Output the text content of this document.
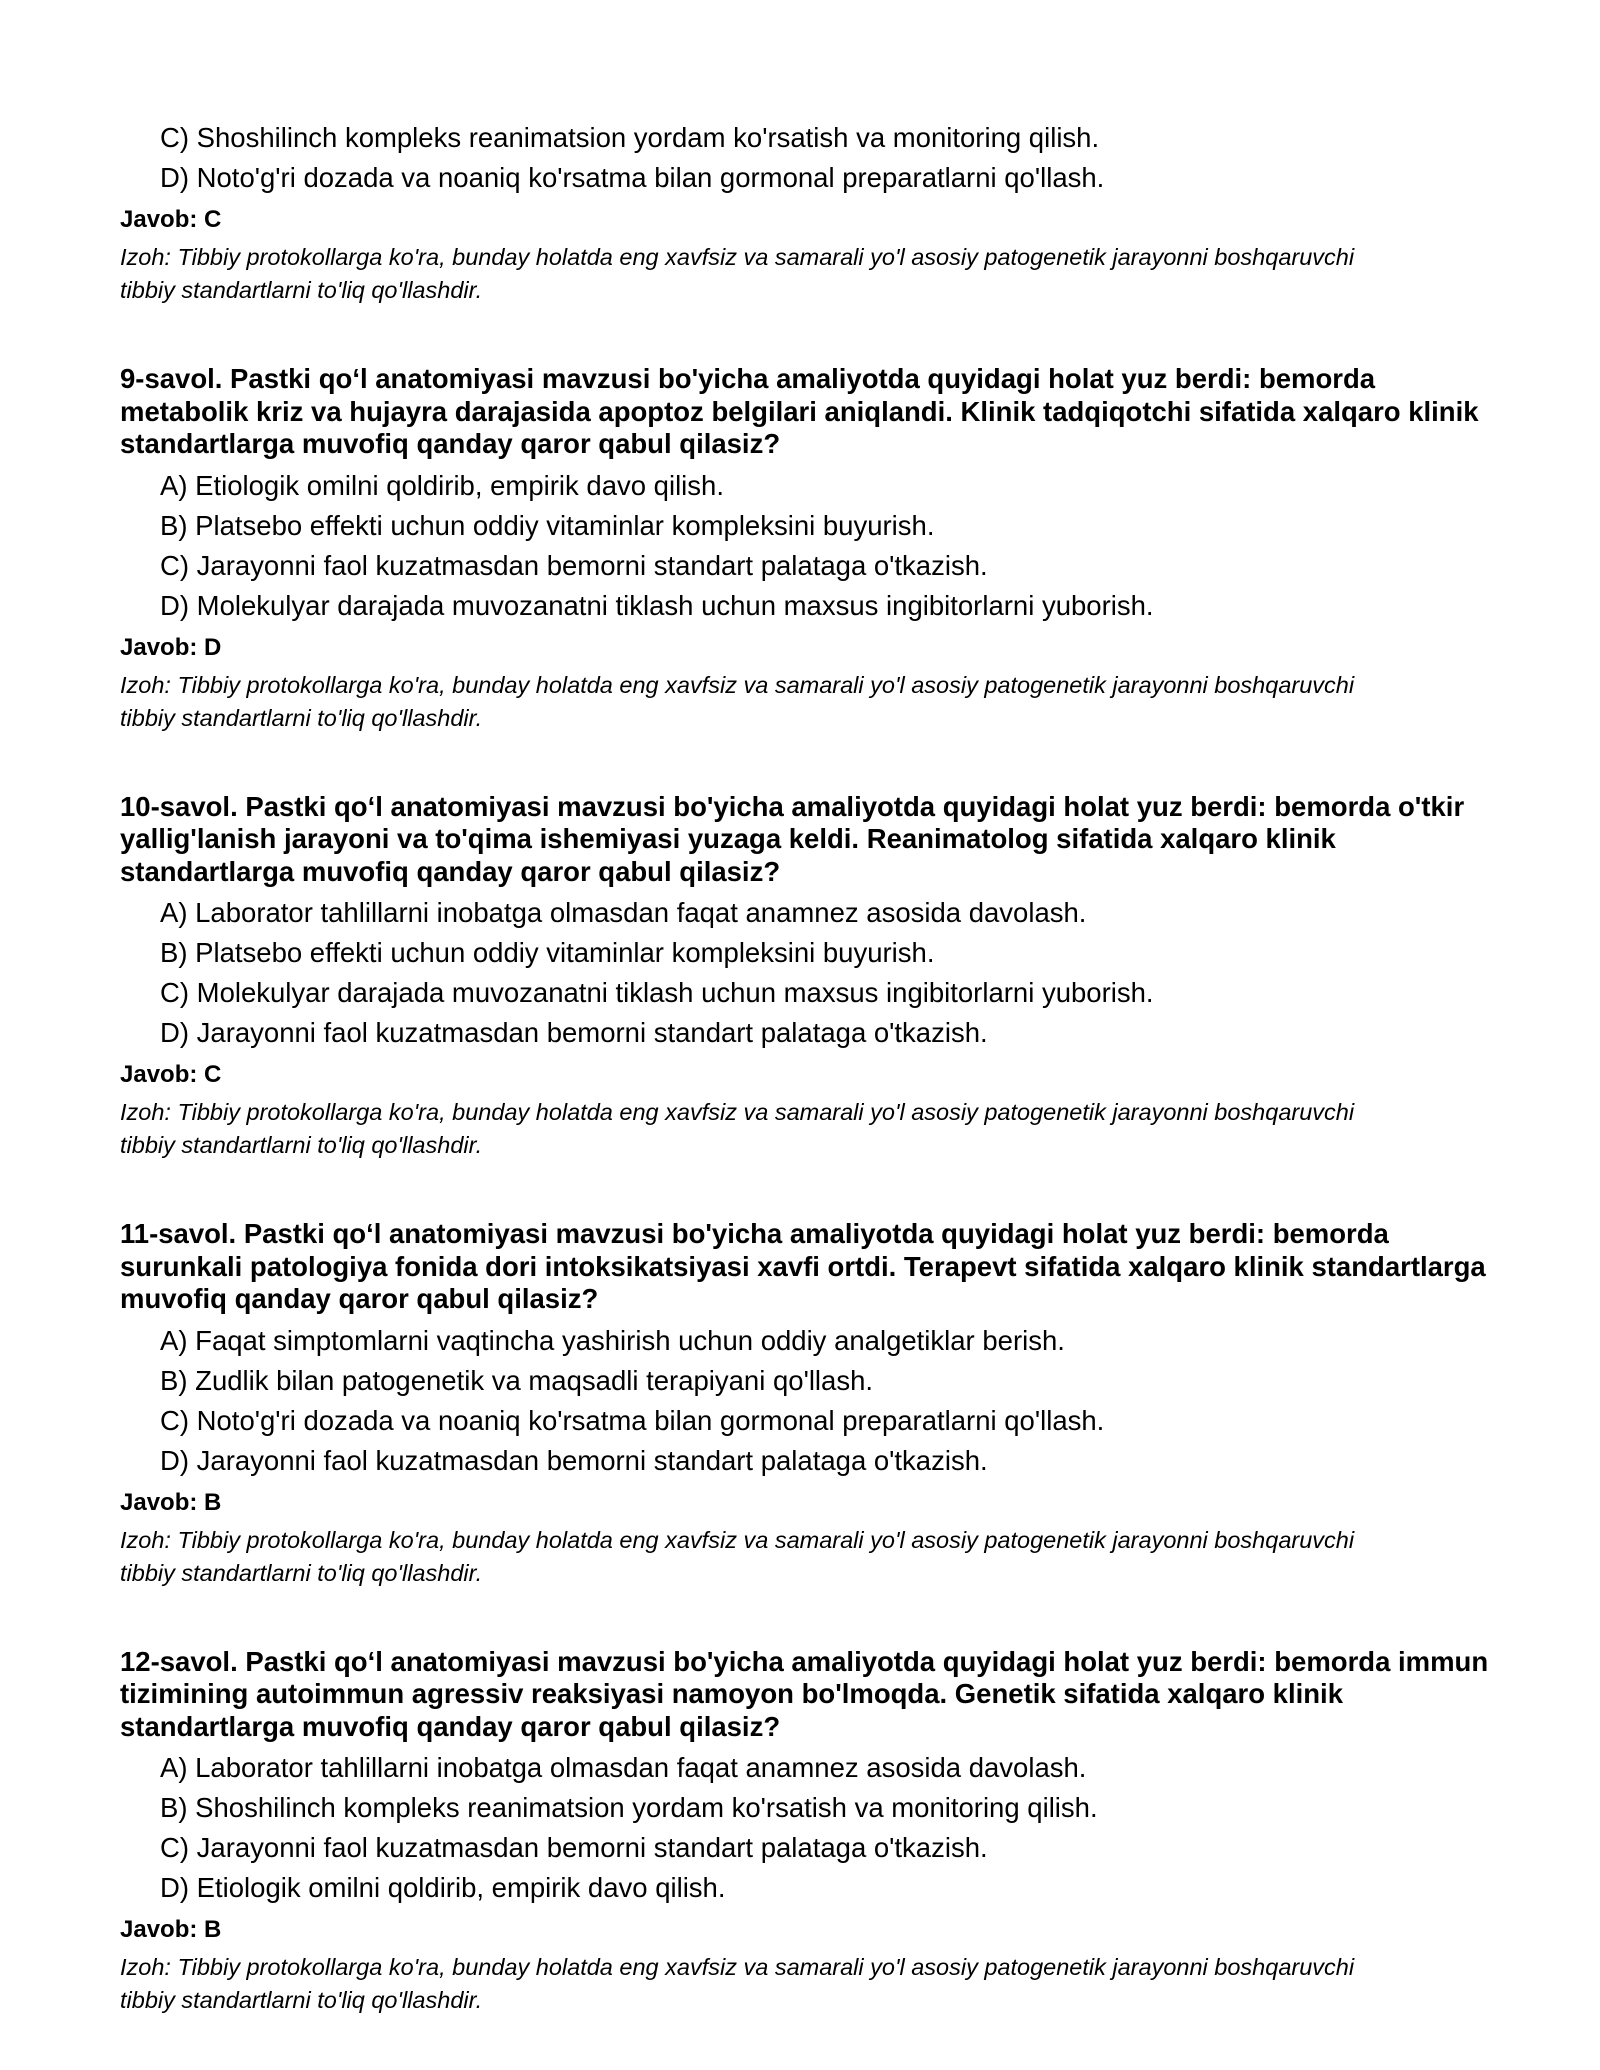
C) Shoshilinch kompleks reanimatsion yordam ko'rsatish va monitoring qilish.
D) Noto'g'ri dozada va noaniq ko'rsatma bilan gormonal preparatlarni qo'llash.
Javob: C
Izoh: Tibbiy protokollarga ko'ra, bunday holatda eng xavfsiz va samarali yo'l asosiy patogenetik jarayonni boshqaruvchi tibbiy standartlarni to'liq qo'llashdir.
9-savol. Pastki qo‘l anatomiyasi mavzusi bo'yicha amaliyotda quyidagi holat yuz berdi: bemorda metabolik kriz va hujayra darajasida apoptoz belgilari aniqlandi. Klinik tadqiqotchi sifatida xalqaro klinik standartlarga muvofiq qanday qaror qabul qilasiz?
A) Etiologik omilni qoldirib, empirik davo qilish.
B) Platsebo effekti uchun oddiy vitaminlar kompleksini buyurish.
C) Jarayonni faol kuzatmasdan bemorni standart palataga o'tkazish.
D) Molekulyar darajada muvozanatni tiklash uchun maxsus ingibitorlarni yuborish.
Javob: D
Izoh: Tibbiy protokollarga ko'ra, bunday holatda eng xavfsiz va samarali yo'l asosiy patogenetik jarayonni boshqaruvchi tibbiy standartlarni to'liq qo'llashdir.
10-savol. Pastki qo‘l anatomiyasi mavzusi bo'yicha amaliyotda quyidagi holat yuz berdi: bemorda o'tkir yallig'lanish jarayoni va to'qima ishemiyasi yuzaga keldi. Reanimatolog sifatida xalqaro klinik standartlarga muvofiq qanday qaror qabul qilasiz?
A) Laborator tahlillarni inobatga olmasdan faqat anamnez asosida davolash.
B) Platsebo effekti uchun oddiy vitaminlar kompleksini buyurish.
C) Molekulyar darajada muvozanatni tiklash uchun maxsus ingibitorlarni yuborish.
D) Jarayonni faol kuzatmasdan bemorni standart palataga o'tkazish.
Javob: C
Izoh: Tibbiy protokollarga ko'ra, bunday holatda eng xavfsiz va samarali yo'l asosiy patogenetik jarayonni boshqaruvchi tibbiy standartlarni to'liq qo'llashdir.
11-savol. Pastki qo‘l anatomiyasi mavzusi bo'yicha amaliyotda quyidagi holat yuz berdi: bemorda surunkali patologiya fonida dori intoksikatsiyasi xavfi ortdi. Terapevt sifatida xalqaro klinik standartlarga muvofiq qanday qaror qabul qilasiz?
A) Faqat simptomlarni vaqtincha yashirish uchun oddiy analgetiklar berish.
B) Zudlik bilan patogenetik va maqsadli terapiyani qo'llash.
C) Noto'g'ri dozada va noaniq ko'rsatma bilan gormonal preparatlarni qo'llash.
D) Jarayonni faol kuzatmasdan bemorni standart palataga o'tkazish.
Javob: B
Izoh: Tibbiy protokollarga ko'ra, bunday holatda eng xavfsiz va samarali yo'l asosiy patogenetik jarayonni boshqaruvchi tibbiy standartlarni to'liq qo'llashdir.
12-savol. Pastki qo‘l anatomiyasi mavzusi bo'yicha amaliyotda quyidagi holat yuz berdi: bemorda immun tizimining autoimmun agressiv reaksiyasi namoyon bo'lmoqda. Genetik sifatida xalqaro klinik standartlarga muvofiq qanday qaror qabul qilasiz?
A) Laborator tahlillarni inobatga olmasdan faqat anamnez asosida davolash.
B) Shoshilinch kompleks reanimatsion yordam ko'rsatish va monitoring qilish.
C) Jarayonni faol kuzatmasdan bemorni standart palataga o'tkazish.
D) Etiologik omilni qoldirib, empirik davo qilish.
Javob: B
Izoh: Tibbiy protokollarga ko'ra, bunday holatda eng xavfsiz va samarali yo'l asosiy patogenetik jarayonni boshqaruvchi tibbiy standartlarni to'liq qo'llashdir.
